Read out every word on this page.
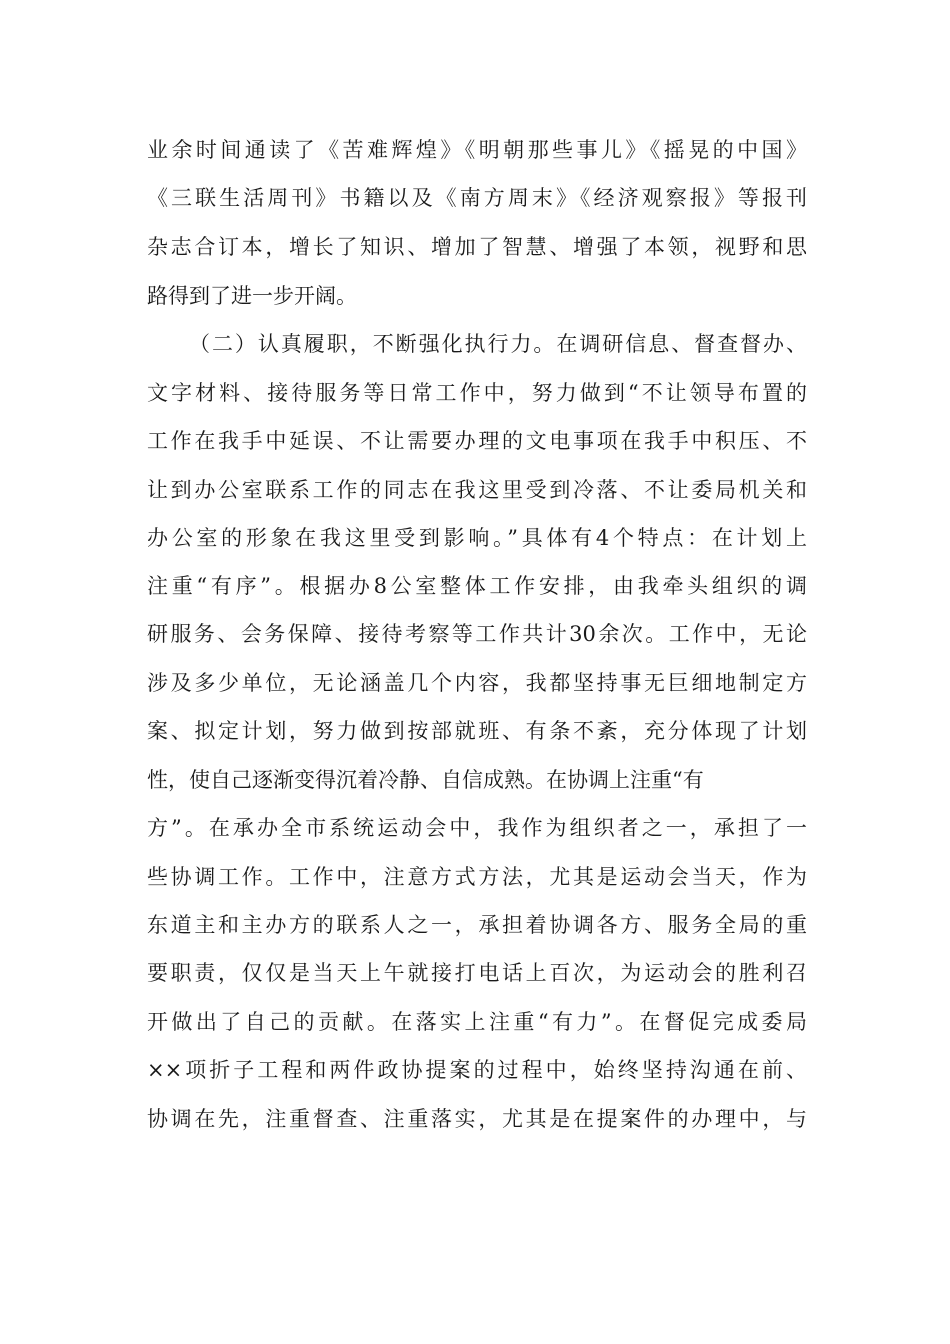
业余时间通读了《苦难辉煌》《明朝那些事儿》《摇晃的中国》
《三联生活周刊》书籍以及《南方周末》《经济观察报》等报刊
杂志合订本，增长了知识、增加了智慧、增强了本领，视野和思
路得到了进一步开阔。
（二）认真履职，不断强化执行力。在调研信息、督查督办、
文字材料、接待服务等日常工作中，努力做到“不让领导布置的
工作在我手中延误、不让需要办理的文电事项在我手中积压、不
让到办公室联系工作的同志在我这里受到冷落、不让委局机关和
办公室的形象在我这里受到影响。”具体有4个特点：在计划上
注重“有序”。根据办8公室整体工作安排，由我牵头组织的调
研服务、会务保障、接待考察等工作共计30余次。工作中，无论
涉及多少单位，无论涵盖几个内容，我都坚持事无巨细地制定方
案、拟定计划，努力做到按部就班、有条不紊，充分体现了计划
性，使自己逐渐变得沉着冷静、自信成熟。在协调上注重“有
方”。在承办全市系统运动会中，我作为组织者之一，承担了一
些协调工作。工作中，注意方式方法，尤其是运动会当天，作为
东道主和主办方的联系人之一，承担着协调各方、服务全局的重
要职责，仅仅是当天上午就接打电话上百次，为运动会的胜利召
开做出了自己的贡献。在落实上注重“有力”。在督促完成委局
××项折子工程和两件政协提案的过程中，始终坚持沟通在前、
协调在先，注重督查、注重落实，尤其是在提案件的办理中，与
